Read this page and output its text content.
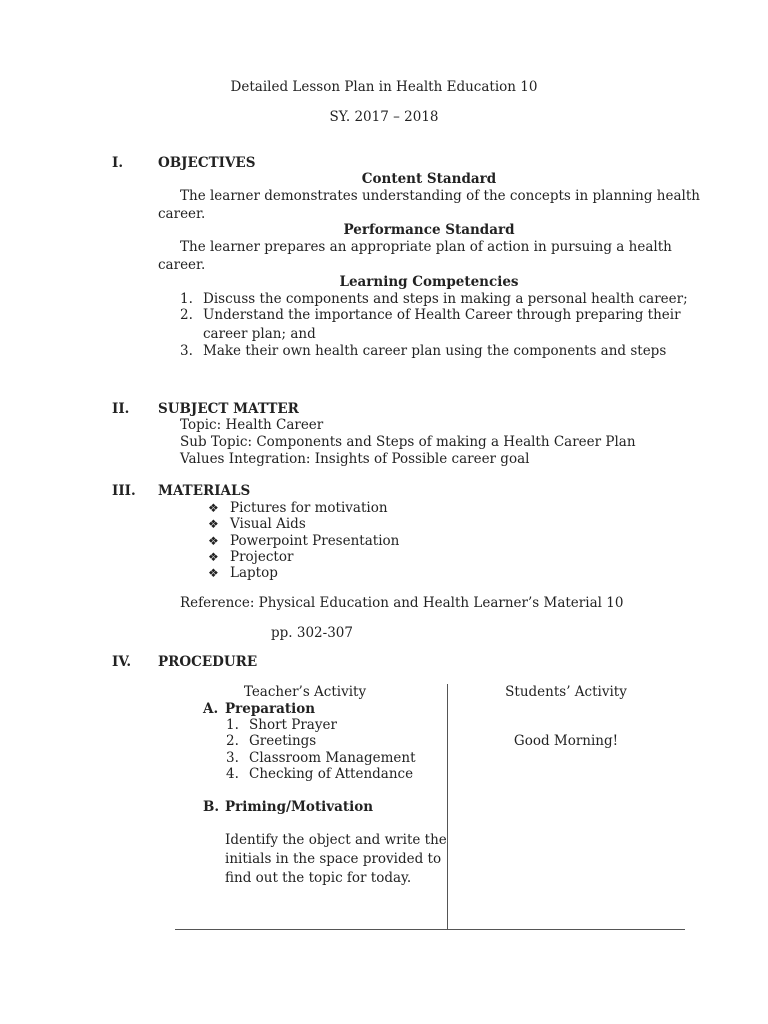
Detailed Lesson Plan in Health Education 10
SY. 2017 – 2018
I.	OBJECTIVES
Content Standard
The learner demonstrates understanding of the concepts in planning health
career.
Performance Standard
The learner prepares an appropriate plan of action in pursuing a health
career.
Learning Competencies
1. Discuss the components and steps in making a personal health career;
2. Understand the importance of Health Career through preparing their
career plan; and
3. Make their own health career plan using the components and steps
II. SUBJECT MATTER
Topic: Health Career
Sub Topic: Components and Steps of making a Health Career Plan
Values Integration: Insights of Possible career goal
III. MATERIALS
❖ Pictures for motivation
❖ Visual Aids
❖ Powerpoint Presentation
❖ Projector
❖ Laptop
Reference: Physical Education and Health Learner’s Material 10
pp. 302-307
IV. PROCEDURE
Teacher’s Activity	Students’ Activity
A. Preparation
1. Short Prayer
2. Greetings
3. Classroom Management
4. Checking of Attendance
Good Morning!
B. Priming/Motivation
Identify the object and write the
initials in the space provided to
find out the topic for today.
